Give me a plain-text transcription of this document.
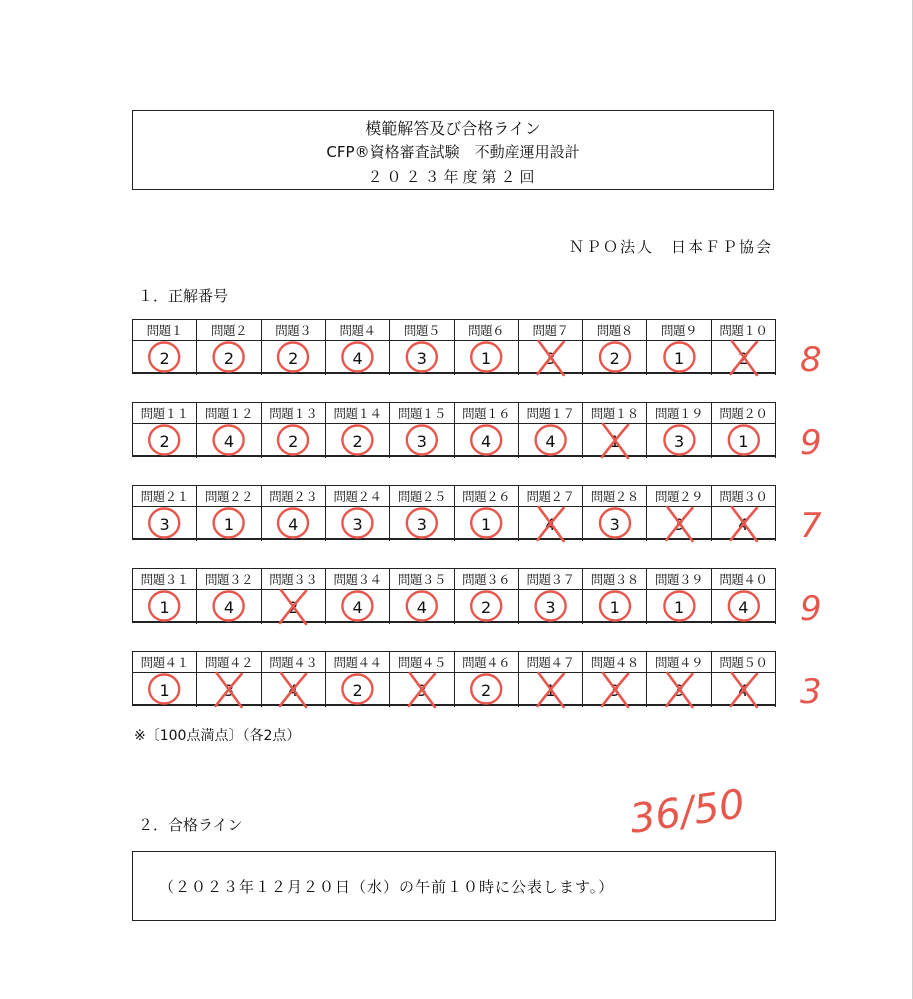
模範解答及び合格ライン
CFP®資格審査試験　不動産運用設計
２０２３年度第２回
ＮＰＯ法人　日本ＦＰ協会
１．正解番号
問題１	問題２	問題３	問題４	問題５	問題６	問題７	問題８	問題９	問題１０
2	2	2	4	3	1	3	2	1	2
問題１１	問題１２	問題１３	問題１４	問題１５	問題１６	問題１７	問題１８	問題１９	問題２０
2	4	2	2	3	4	4	1	3	1
問題２１	問題２２	問題２３	問題２４	問題２５	問題２６	問題２７	問題２８	問題２９	問題３０
3	1	4	3	3	1	4	3	3	4
問題３１	問題３２	問題３３	問題３４	問題３５	問題３６	問題３７	問題３８	問題３９	問題４０
1	4	2	4	4	2	3	1	1	4
問題４１	問題４２	問題４３	問題４４	問題４５	問題４６	問題４７	問題４８	問題４９	問題５０
1	3	4	2	3	2	1	3	3	4
※〔100点満点〕（各2点）
２．合格ライン
（２０２３年１２月２０日（水）の午前１０時に公表します。）
8
9
7
9
3
36/50
